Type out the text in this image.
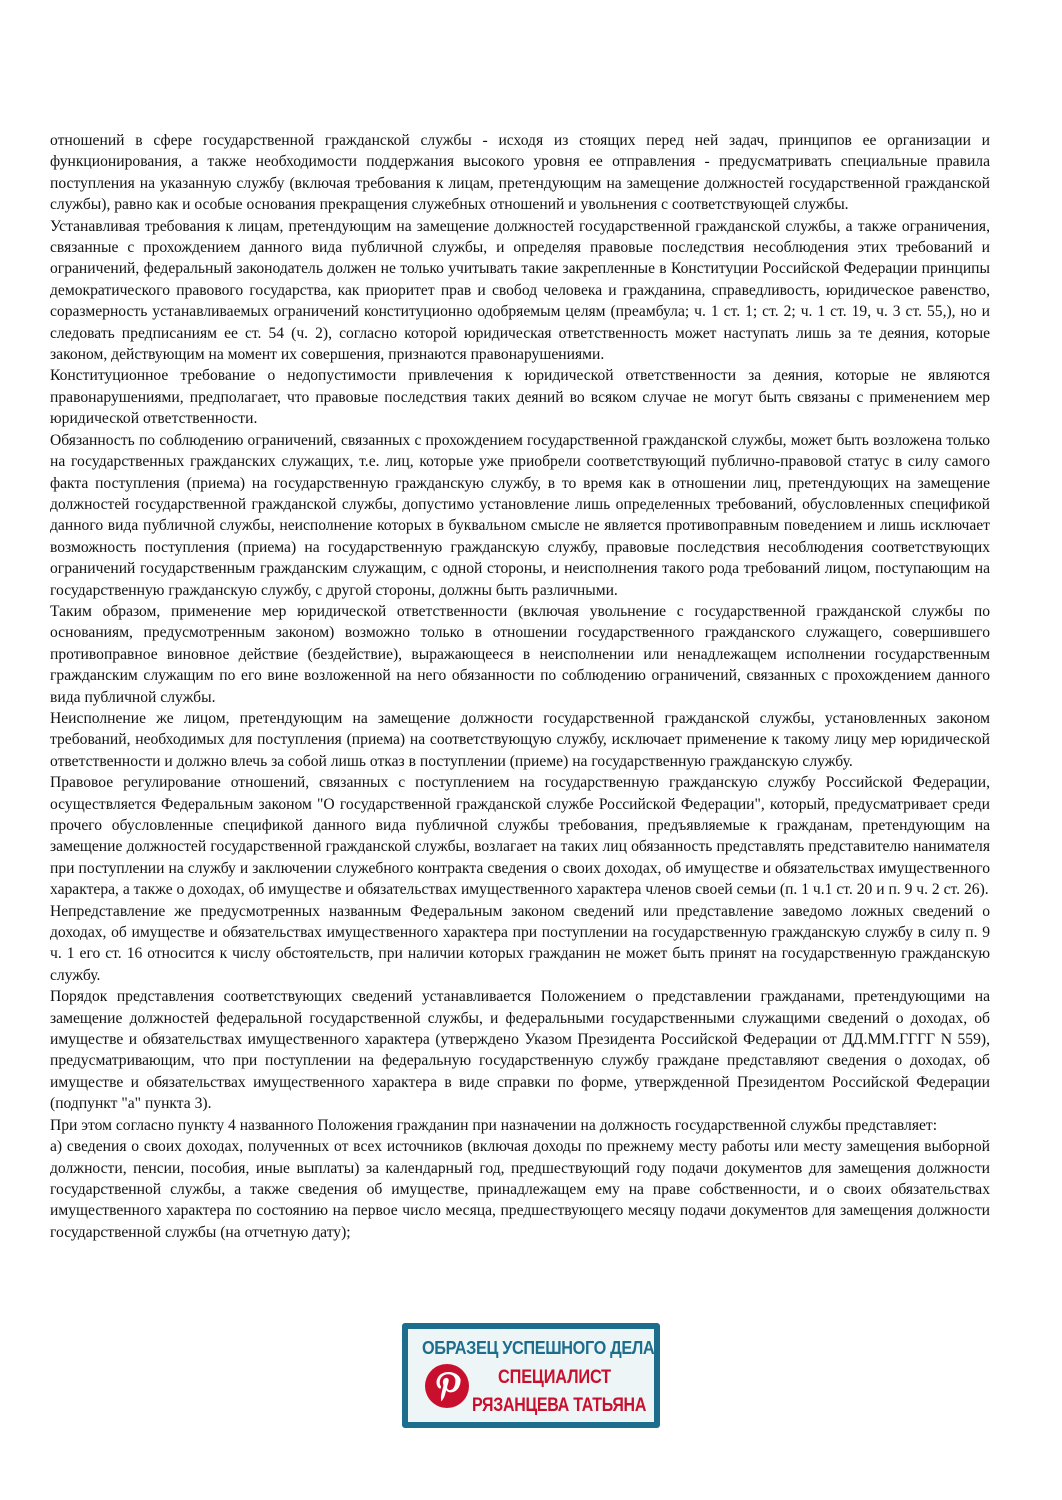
отношений в сфере государственной гражданской службы - исходя из стоящих перед ней задач, принципов ее организации и функционирования, а также необходимости поддержания высокого уровня ее отправления - предусматривать специальные правила поступления на указанную службу (включая требования к лицам, претендующим на замещение должностей государственной гражданской службы), равно как и особые основания прекращения служебных отношений и увольнения с соответствующей службы.

Устанавливая требования к лицам, претендующим на замещение должностей государственной гражданской службы, а также ограничения, связанные с прохождением данного вида публичной службы, и определяя правовые последствия несоблюдения этих требований и ограничений, федеральный законодатель должен не только учитывать такие закрепленные в Конституции Российской Федерации принципы демократического правового государства, как приоритет прав и свобод человека и гражданина, справедливость, юридическое равенство, соразмерность устанавливаемых ограничений конституционно одобряемым целям (преамбула; ч. 1 ст. 1; ст. 2; ч. 1 ст. 19, ч. 3 ст. 55,), но и следовать предписаниям ее ст. 54 (ч. 2), согласно которой юридическая ответственность может наступать лишь за те деяния, которые законом, действующим на момент их совершения, признаются правонарушениями.

Конституционное требование о недопустимости привлечения к юридической ответственности за деяния, которые не являются правонарушениями, предполагает, что правовые последствия таких деяний во всяком случае не могут быть связаны с применением мер юридической ответственности.

Обязанность по соблюдению ограничений, связанных с прохождением государственной гражданской службы, может быть возложена только на государственных гражданских служащих, т.е. лиц, которые уже приобрели соответствующий публично-правовой статус в силу самого факта поступления (приема) на государственную гражданскую службу, в то время как в отношении лиц, претендующих на замещение должностей государственной гражданской службы, допустимо установление лишь определенных требований, обусловленных спецификой данного вида публичной службы, неисполнение которых в буквальном смысле не является противоправным поведением и лишь исключает возможность поступления (приема) на государственную гражданскую службу, правовые последствия несоблюдения соответствующих ограничений государственным гражданским служащим, с одной стороны, и неисполнения такого рода требований лицом, поступающим на государственную гражданскую службу, с другой стороны, должны быть различными.

Таким образом, применение мер юридической ответственности (включая увольнение с государственной гражданской службы по основаниям, предусмотренным законом) возможно только в отношении государственного гражданского служащего, совершившего противоправное виновное действие (бездействие), выражающееся в неисполнении или ненадлежащем исполнении государственным гражданским служащим по его вине возложенной на него обязанности по соблюдению ограничений, связанных с прохождением данного вида публичной службы.

Неисполнение же лицом, претендующим на замещение должности государственной гражданской службы, установленных законом требований, необходимых для поступления (приема) на соответствующую службу, исключает применение к такому лицу мер юридической ответственности и должно влечь за собой лишь отказ в поступлении (приеме) на государственную гражданскую службу.

Правовое регулирование отношений, связанных с поступлением на государственную гражданскую службу Российской Федерации, осуществляется Федеральным законом "О государственной гражданской службе Российской Федерации", который, предусматривает среди прочего обусловленные спецификой данного вида публичной службы требования, предъявляемые к гражданам, претендующим на замещение должностей государственной гражданской службы, возлагает на таких лиц обязанность представлять представителю нанимателя при поступлении на службу и заключении служебного контракта сведения о своих доходах, об имуществе и обязательствах имущественного характера, а также о доходах, об имуществе и обязательствах имущественного характера членов своей семьи (п. 1 ч.1 ст. 20 и п. 9 ч. 2 ст. 26).

Непредставление же предусмотренных названным Федеральным законом сведений или представление заведомо ложных сведений о доходах, об имуществе и обязательствах имущественного характера при поступлении на государственную гражданскую службу в силу п. 9 ч. 1 его ст. 16 относится к числу обстоятельств, при наличии которых гражданин не может быть принят на государственную гражданскую службу.

Порядок представления соответствующих сведений устанавливается Положением о представлении гражданами, претендующими на замещение должностей федеральной государственной службы, и федеральными государственными служащими сведений о доходах, об имуществе и обязательствах имущественного характера (утверждено Указом Президента Российской Федерации от ДД.ММ.ГГГГ N 559), предусматривающим, что при поступлении на федеральную государственную службу граждане представляют сведения о доходах, об имуществе и обязательствах имущественного характера в виде справки по форме, утвержденной Президентом Российской Федерации (подпункт "а" пункта 3).

При этом согласно пункту 4 названного Положения гражданин при назначении на должность государственной службы представляет:

а) сведения о своих доходах, полученных от всех источников (включая доходы по прежнему месту работы или месту замещения выборной должности, пенсии, пособия, иные выплаты) за календарный год, предшествующий году подачи документов для замещения должности государственной службы, а также сведения об имуществе, принадлежащем ему на праве собственности, и о своих обязательствах имущественного характера по состоянию на первое число месяца, предшествующего месяцу подачи документов для замещения должности государственной службы (на отчетную дату);

ОБРАЗЕЦ УСПЕШНОГО ДЕЛА
СПЕЦИАЛИСТ
РЯЗАНЦЕВА ТАТЬЯНА
